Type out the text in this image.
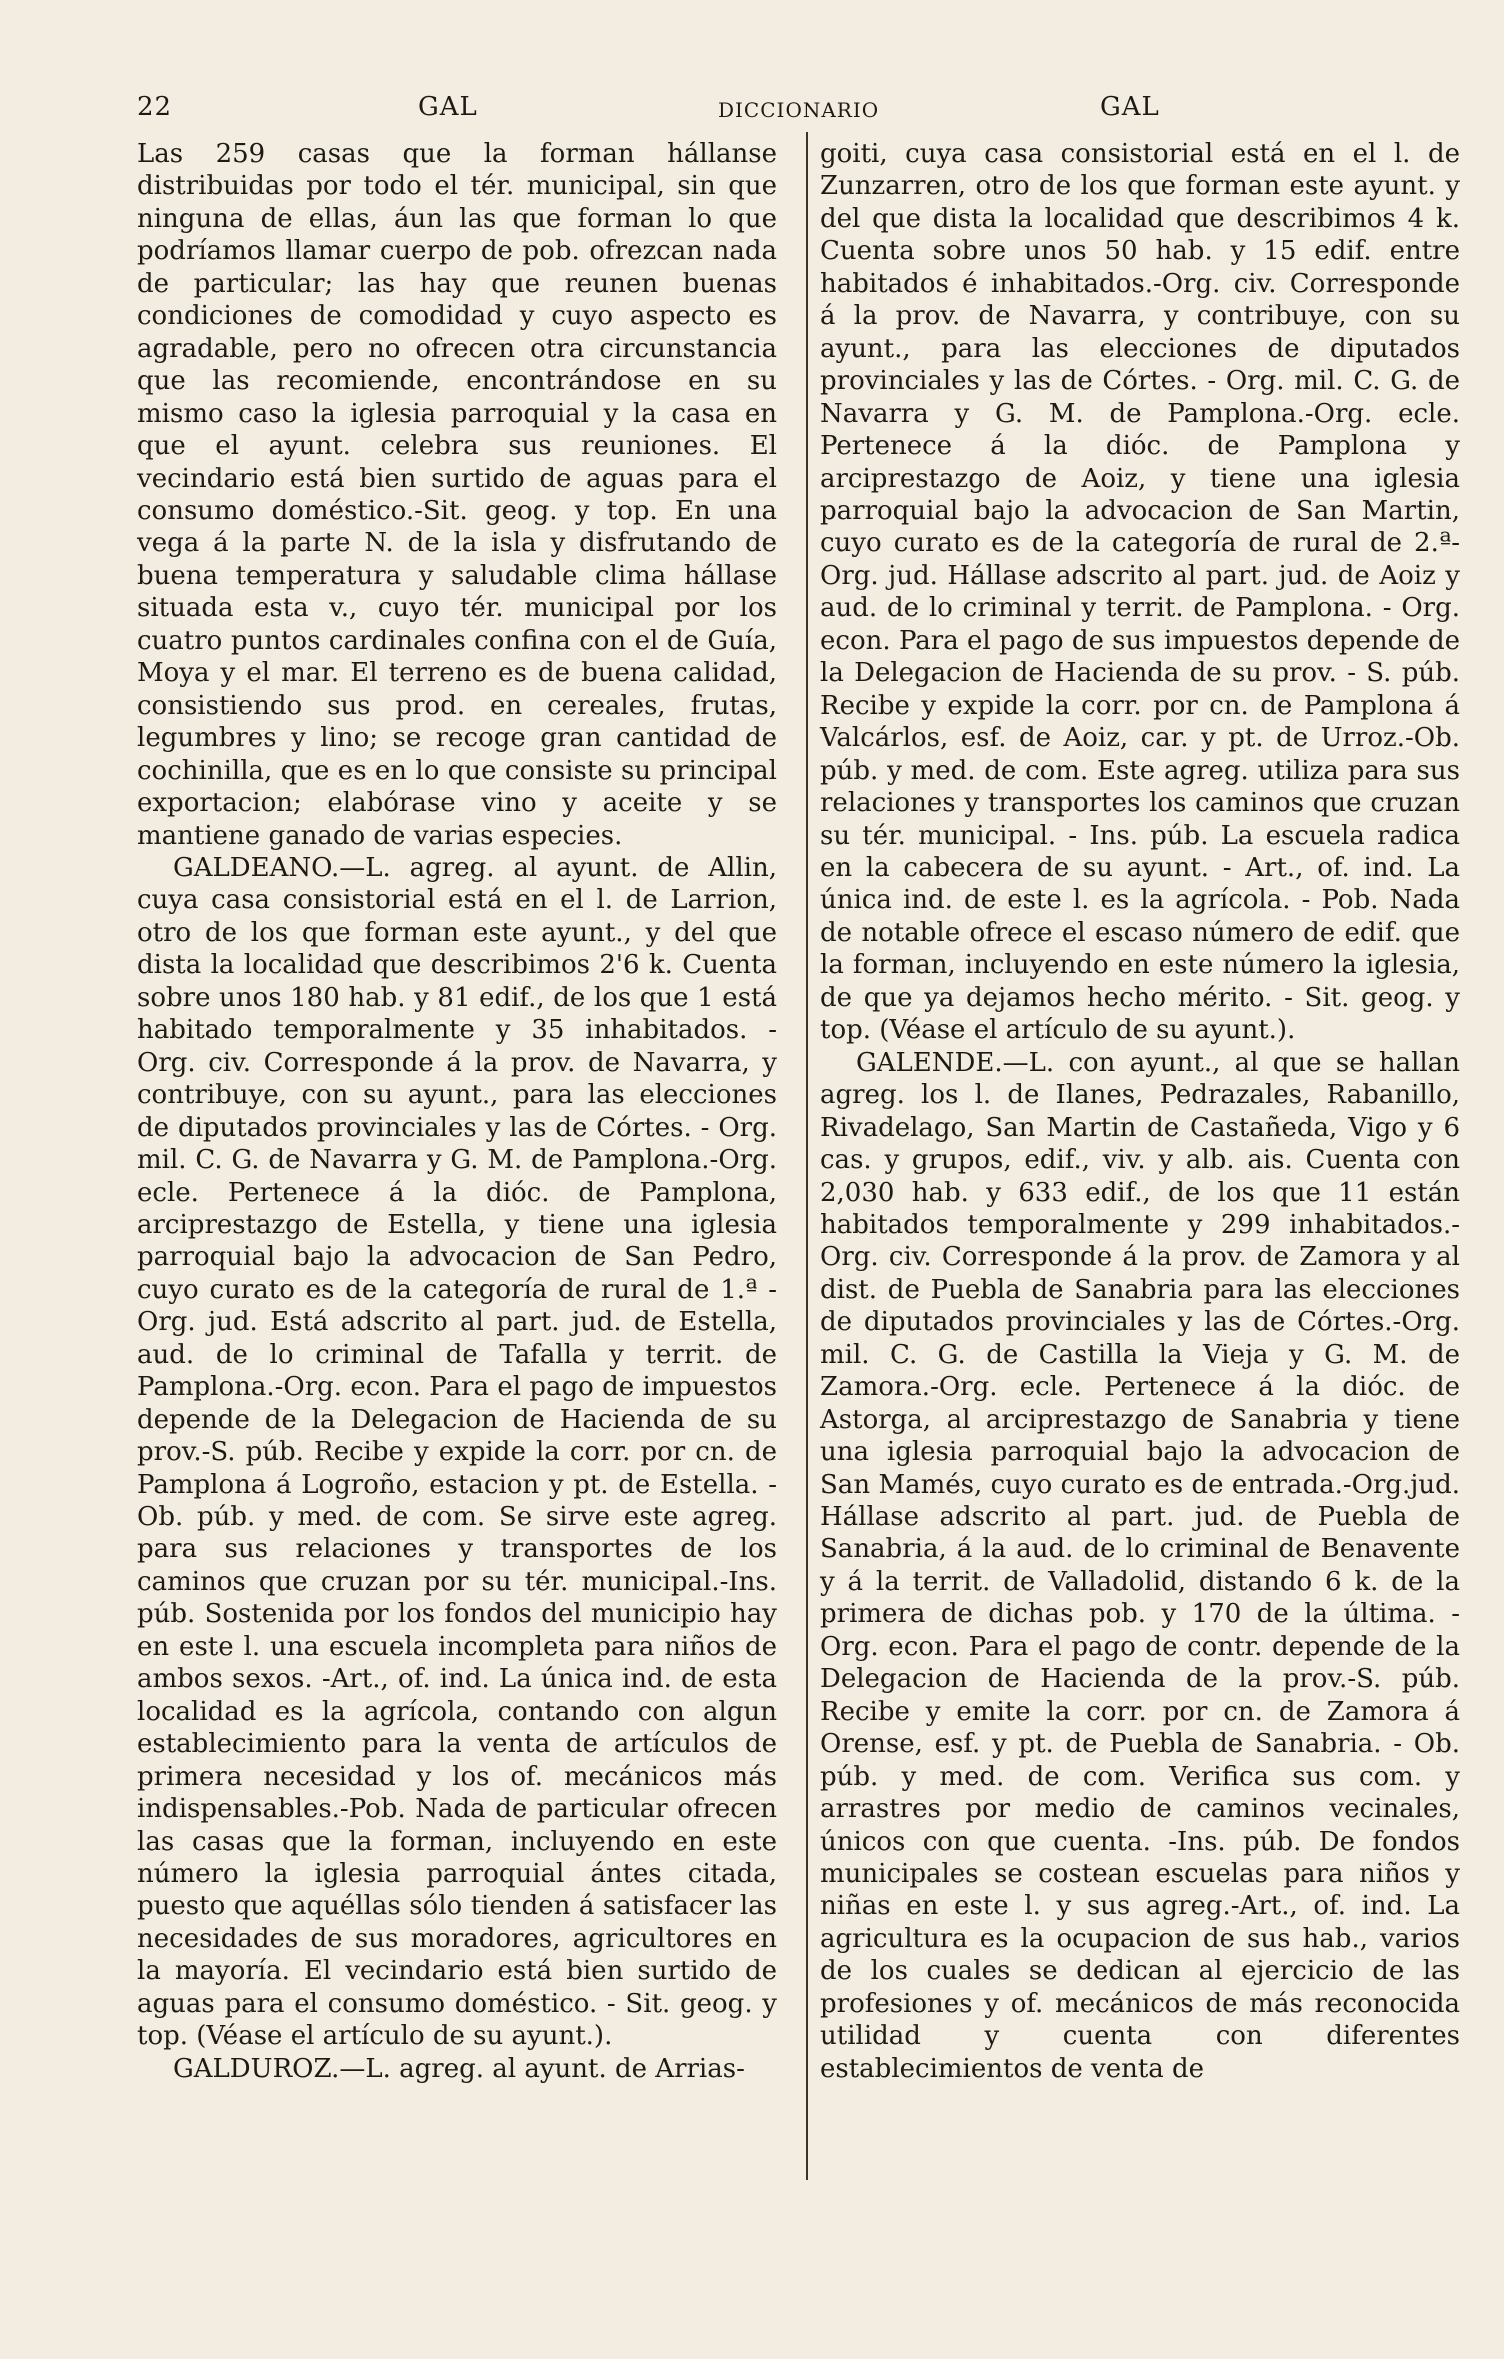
22	GAL	DICCIONARIO	GAL

Las 259 casas que la forman hállanse distribuidas por todo el tér. municipal, sin que ninguna de ellas, áun las que forman lo que podríamos llamar cuerpo de pob. ofrezcan nada de particular; las hay que reunen buenas condiciones de comodidad y cuyo aspecto es agradable, pero no ofrecen otra circunstancia que las recomiende, encontrándose en su mismo caso la iglesia parroquial y la casa en que el ayunt. celebra sus reuniones. El vecindario está bien surtido de aguas para el consumo doméstico.-Sit. geog. y top. En una vega á la parte N. de la isla y disfrutando de buena temperatura y saludable clima hállase situada esta v., cuyo tér. municipal por los cuatro puntos cardinales confina con el de Guía, Moya y el mar. El terreno es de buena calidad, consistiendo sus prod. en cereales, frutas, legumbres y lino; se recoge gran cantidad de cochinilla, que es en lo que consiste su principal exportacion; elabórase vino y aceite y se mantiene ganado de varias especies.

GALDEANO.—L. agreg. al ayunt. de Allin, cuya casa consistorial está en el l. de Larrion, otro de los que forman este ayunt., y del que dista la localidad que describimos 2'6 k. Cuenta sobre unos 180 hab. y 81 edif., de los que 1 está habitado temporalmente y 35 inhabitados. - Org. civ. Corresponde á la prov. de Navarra, y contribuye, con su ayunt., para las elecciones de diputados provinciales y las de Córtes. - Org. mil. C. G. de Navarra y G. M. de Pamplona.-Org. ecle. Pertenece á la dióc. de Pamplona, arciprestazgo de Estella, y tiene una iglesia parroquial bajo la advocacion de San Pedro, cuyo curato es de la categoría de rural de 1.ª - Org. jud. Está adscrito al part. jud. de Estella, aud. de lo criminal de Tafalla y territ. de Pamplona.-Org. econ. Para el pago de impuestos depende de la Delegacion de Hacienda de su prov.-S. púb. Recibe y expide la corr. por cn. de Pamplona á Logroño, estacion y pt. de Estella. - Ob. púb. y med. de com. Se sirve este agreg. para sus relaciones y transportes de los caminos que cruzan por su tér. municipal.-Ins. púb. Sostenida por los fondos del municipio hay en este l. una escuela incompleta para niños de ambos sexos. -Art., of. ind. La única ind. de esta localidad es la agrícola, contando con algun establecimiento para la venta de artículos de primera necesidad y los of. mecánicos más indispensables.-Pob. Nada de particular ofrecen las casas que la forman, incluyendo en este número la iglesia parroquial ántes citada, puesto que aquéllas sólo tienden á satisfacer las necesidades de sus moradores, agricultores en la mayoría. El vecindario está bien surtido de aguas para el consumo doméstico. - Sit. geog. y top. (Véase el artículo de su ayunt.).

GALDUROZ.—L. agreg. al ayunt. de Arrias-

goiti, cuya casa consistorial está en el l. de Zunzarren, otro de los que forman este ayunt. y del que dista la localidad que describimos 4 k. Cuenta sobre unos 50 hab. y 15 edif. entre habitados é inhabitados.-Org. civ. Corresponde á la prov. de Navarra, y contribuye, con su ayunt., para las elecciones de diputados provinciales y las de Córtes. - Org. mil. C. G. de Navarra y G. M. de Pamplona.-Org. ecle. Pertenece á la dióc. de Pamplona y arciprestazgo de Aoiz, y tiene una iglesia parroquial bajo la advocacion de San Martin, cuyo curato es de la categoría de rural de 2.ª-Org. jud. Hállase adscrito al part. jud. de Aoiz y aud. de lo criminal y territ. de Pamplona. - Org. econ. Para el pago de sus impuestos depende de la Delegacion de Hacienda de su prov. - S. púb. Recibe y expide la corr. por cn. de Pamplona á Valcárlos, esf. de Aoiz, car. y pt. de Urroz.-Ob. púb. y med. de com. Este agreg. utiliza para sus relaciones y transportes los caminos que cruzan su tér. municipal. - Ins. púb. La escuela radica en la cabecera de su ayunt. - Art., of. ind. La única ind. de este l. es la agrícola. - Pob. Nada de notable ofrece el escaso número de edif. que la forman, incluyendo en este número la iglesia, de que ya dejamos hecho mérito. - Sit. geog. y top. (Véase el artículo de su ayunt.).

GALENDE.—L. con ayunt., al que se hallan agreg. los l. de Ilanes, Pedrazales, Rabanillo, Rivadelago, San Martin de Castañeda, Vigo y 6 cas. y grupos, edif., viv. y alb. ais. Cuenta con 2,030 hab. y 633 edif., de los que 11 están habitados temporalmente y 299 inhabitados.-Org. civ. Corresponde á la prov. de Zamora y al dist. de Puebla de Sanabria para las elecciones de diputados provinciales y las de Córtes.-Org. mil. C. G. de Castilla la Vieja y G. M. de Zamora.-Org. ecle. Pertenece á la dióc. de Astorga, al arciprestazgo de Sanabria y tiene una iglesia parroquial bajo la advocacion de San Mamés, cuyo curato es de entrada.-Org.jud. Hállase adscrito al part. jud. de Puebla de Sanabria, á la aud. de lo criminal de Benavente y á la territ. de Valladolid, distando 6 k. de la primera de dichas pob. y 170 de la última. - Org. econ. Para el pago de contr. depende de la Delegacion de Hacienda de la prov.-S. púb. Recibe y emite la corr. por cn. de Zamora á Orense, esf. y pt. de Puebla de Sanabria. - Ob. púb. y med. de com. Verifica sus com. y arrastres por medio de caminos vecinales, únicos con que cuenta. -Ins. púb. De fondos municipales se costean escuelas para niños y niñas en este l. y sus agreg.-Art., of. ind. La agricultura es la ocupacion de sus hab., varios de los cuales se dedican al ejercicio de las profesiones y of. mecánicos de más reconocida utilidad y cuenta con diferentes establecimientos de venta de
